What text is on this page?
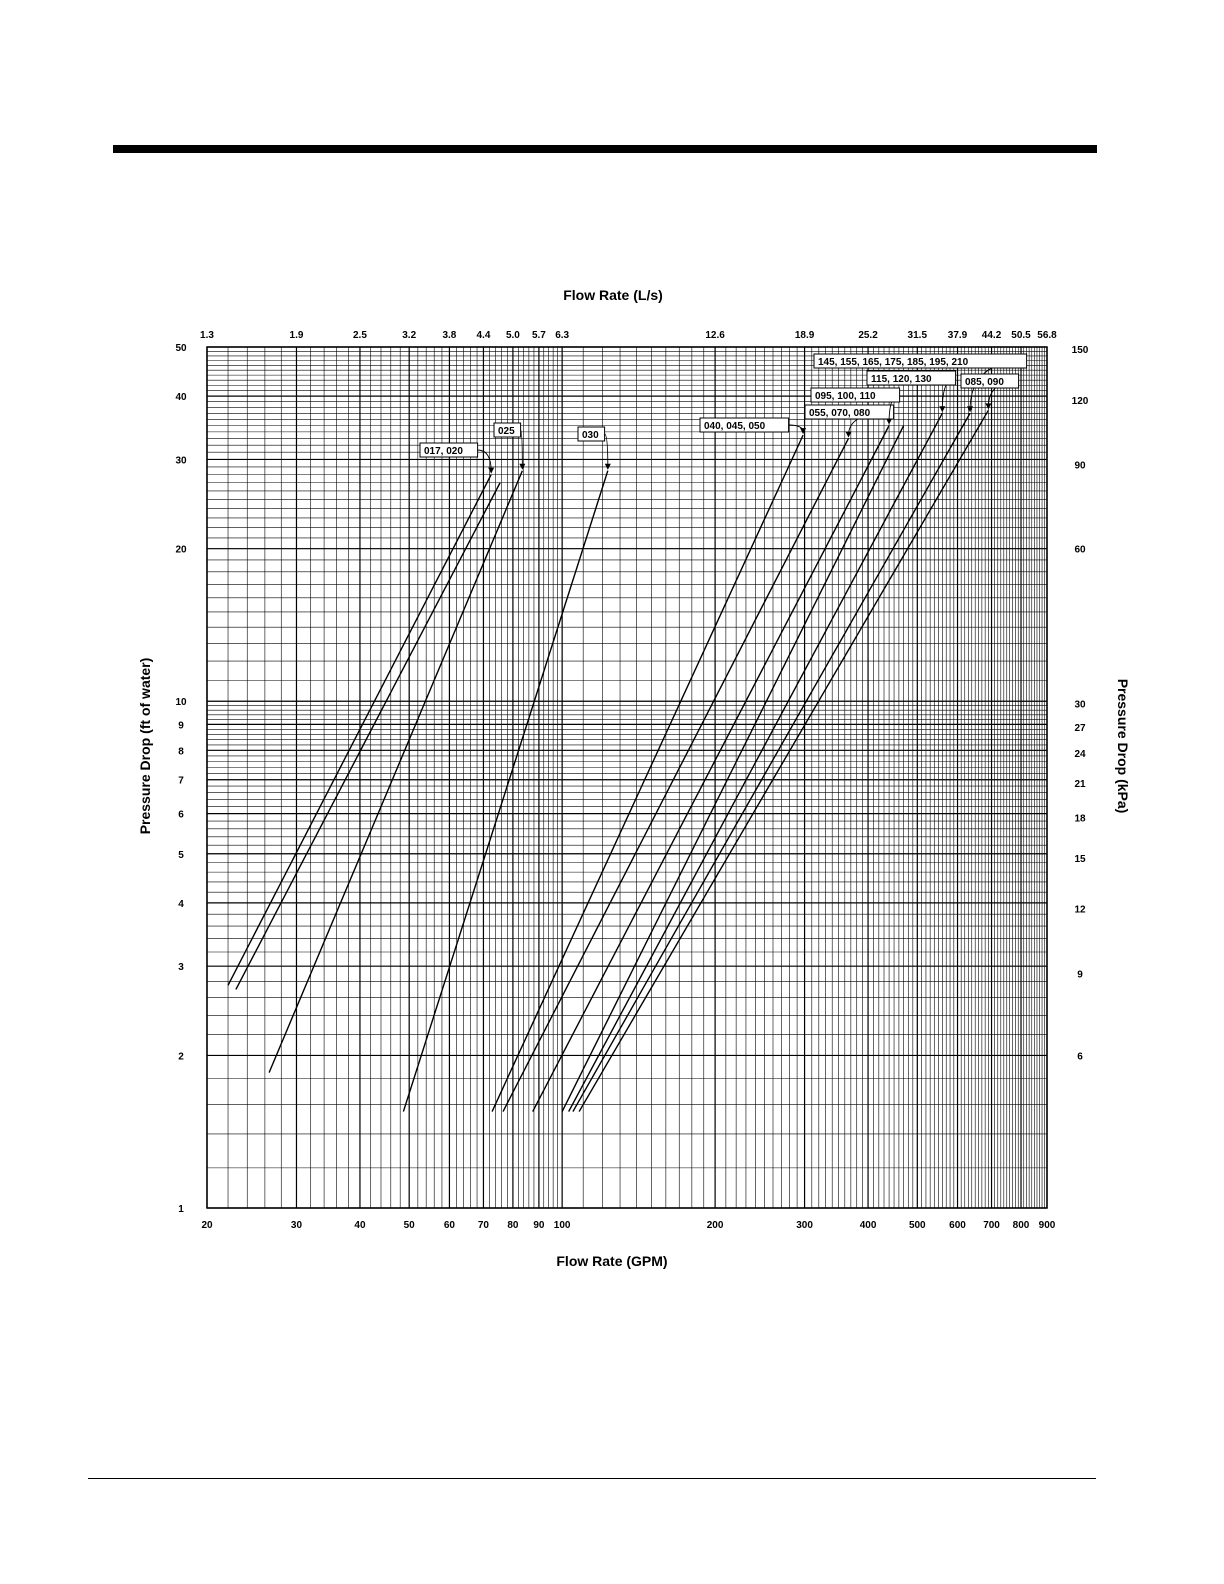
017, 020
025	030
040, 045, 050
055, 070, 080
095, 100, 110
115, 120, 130
145, 155, 165, 175, 185, 195, 210
085, 090
20	30	40	50	60 70 80 90 100	200	300	400	500 600 700 800 900
1.3	1.9	2.5	3.2	3.8 4.4 5.0 5.7 6.3	12.6	18.9	25.2	31.5 37.9 44.2 50.5 56.8
1
2
3
4
5
6
7
8
9
10
20
30
40
50
6
9
12
15
18
21
24
27
30
60
90
120
150
Flow Rate (L/s)
Flow Rate (GPM)
Pressure Drop (ft of water)	Pressure Drop (kPa)
